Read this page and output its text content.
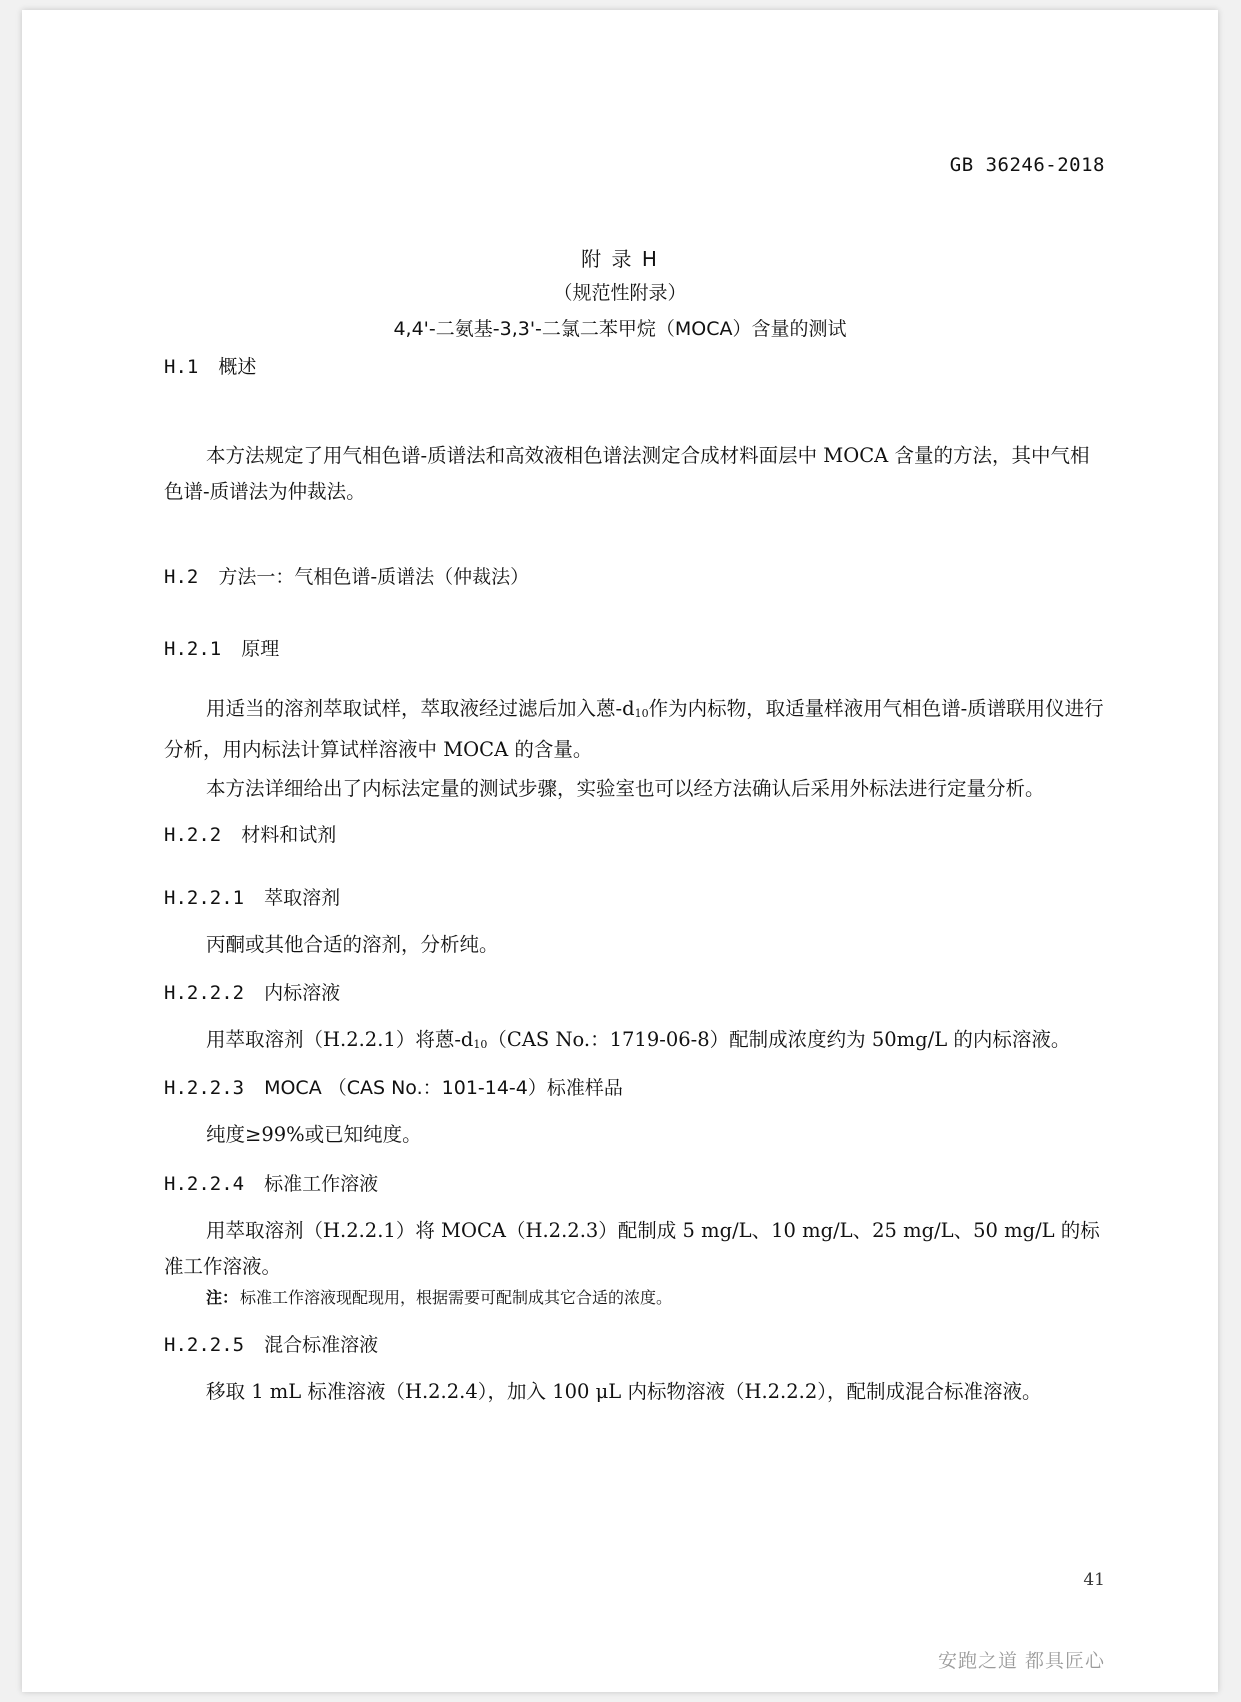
GB 36246-2018
附 录 H
（规范性附录）
4,4'-二氨基-3,3'-二氯二苯甲烷（MOCA）含量的测试
H.1 概述

本方法规定了用气相色谱-质谱法和高效液相色谱法测定合成材料面层中 MOCA 含量的方法，其中气相色谱-质谱法为仲裁法。

H.2 方法一：气相色谱-质谱法（仲裁法）
H.2.1 原理

用适当的溶剂萃取试样，萃取液经过滤后加入蒽$-d_{10}$作为内标物，取适量样液用气相色谱-质谱联用仪进行分析，用内标法计算试样溶液中 MOCA 的含量。

本方法详细给出了内标法定量的测试步骤，实验室也可以经方法确认后采用外标法进行定量分析。

H.2.2 材料和试剂
H.2.2.1 萃取溶剂
丙酮或其他合适的溶剂，分析纯。
H.2.2.2 内标溶液
用萃取溶剂（H.2.2.1）将蒽$-d_{10}(CAS$ No.：1719-06-8）配制成浓度约为 50mg/L 的内标溶液。
H.2.2.3 MOCA （CAS No.：101-14-4）标准样品
纯度≥99%或已知纯度。
H.2.2.4 标准工作溶液

用萃取溶剂（H.2.2.1）将 MOCA（H.2.2.3）配制成 5 mg/L、10 mg/L、25 mg/L、50 mg/L 的标准工作溶液。

注： 标准工作溶液现配现用，根据需要可配制成其它合适的浓度。
H.2.2.5 混合标准溶液
移取 1 mL 标准溶液（H.2.2.4），加入 100 μL 内标物溶液（H.2.2.2），配制成混合标准溶液。
41
安跑之道 都具匠心
